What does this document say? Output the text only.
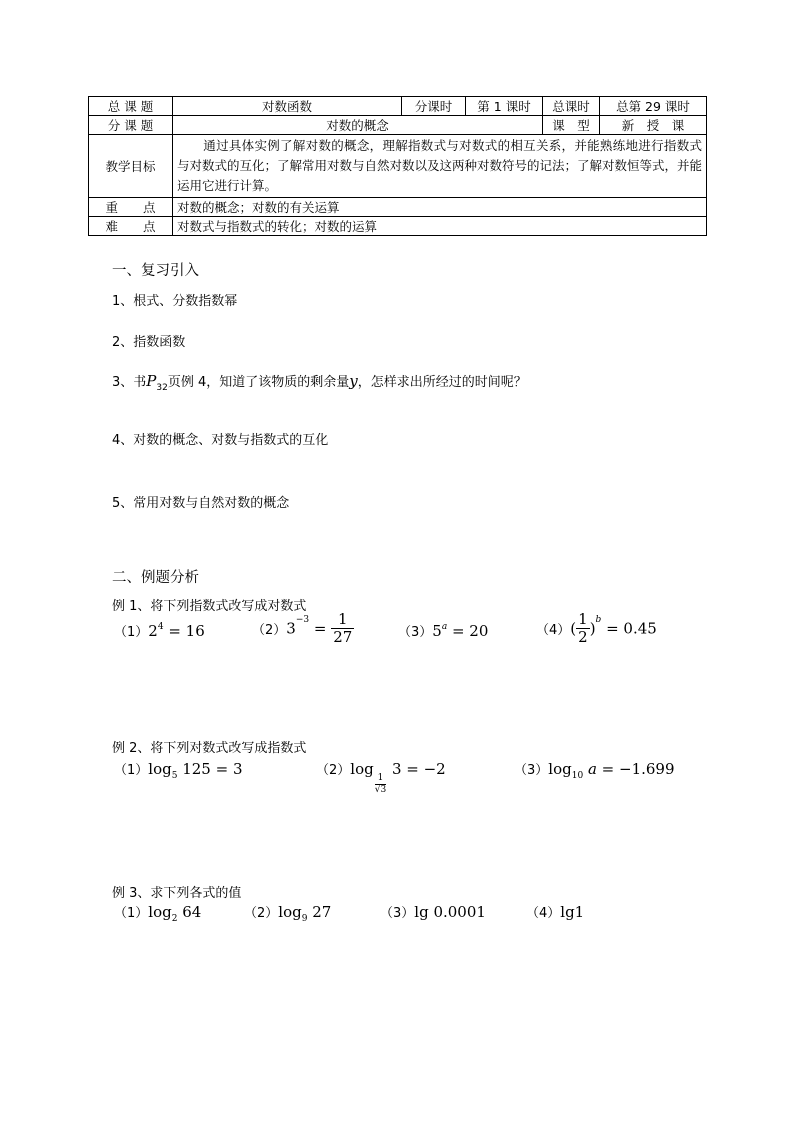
总 课 题	对数函数	分课时	第 1 课时	总课时	总第 29 课时
分 课 题	对数的概念			课　型	新　授　课
教学目标	通过具体实例了解对数的概念，理解指数式与对数式的相互关系，并能熟练地进行指数式与对数式的互化；了解常用对数与自然对数以及这两种对数符号的记法；了解对数恒等式，并能运用它进行计算。				
重　　点	对数的概念；对数的有关运算				
难　　点	对数式与指数式的转化；对数的运算				
一、复习引入
1、根式、分数指数幂
2、指数函数
3、书$P_{32}$页例 4，知道了该物质的剩余量y，怎样求出所经过的时间呢？
4、对数的概念、对数与指数式的互化
5、常用对数与自然对数的概念
二、例题分析
例 1、将下列指数式改写成对数式
$(1)2^4 = 16$	$(2)3^{-3} = \frac{1}{27}$	$(3)5^a = 20$	$(4)( \frac{1}{2} )^b = 0.45$
例 2、将下列对数式改写成指数式
$(1)\log_5$ 125 = 3	（2）log
$\frac{1}{√3}$
3 = −2	$(3)\log_{10}$ a = −1.699
例 3、求下列各式的值
$(1)\log_2$ 64	$(2)\log_9$ 27	（3）lg 0.0001	（4）lg1
